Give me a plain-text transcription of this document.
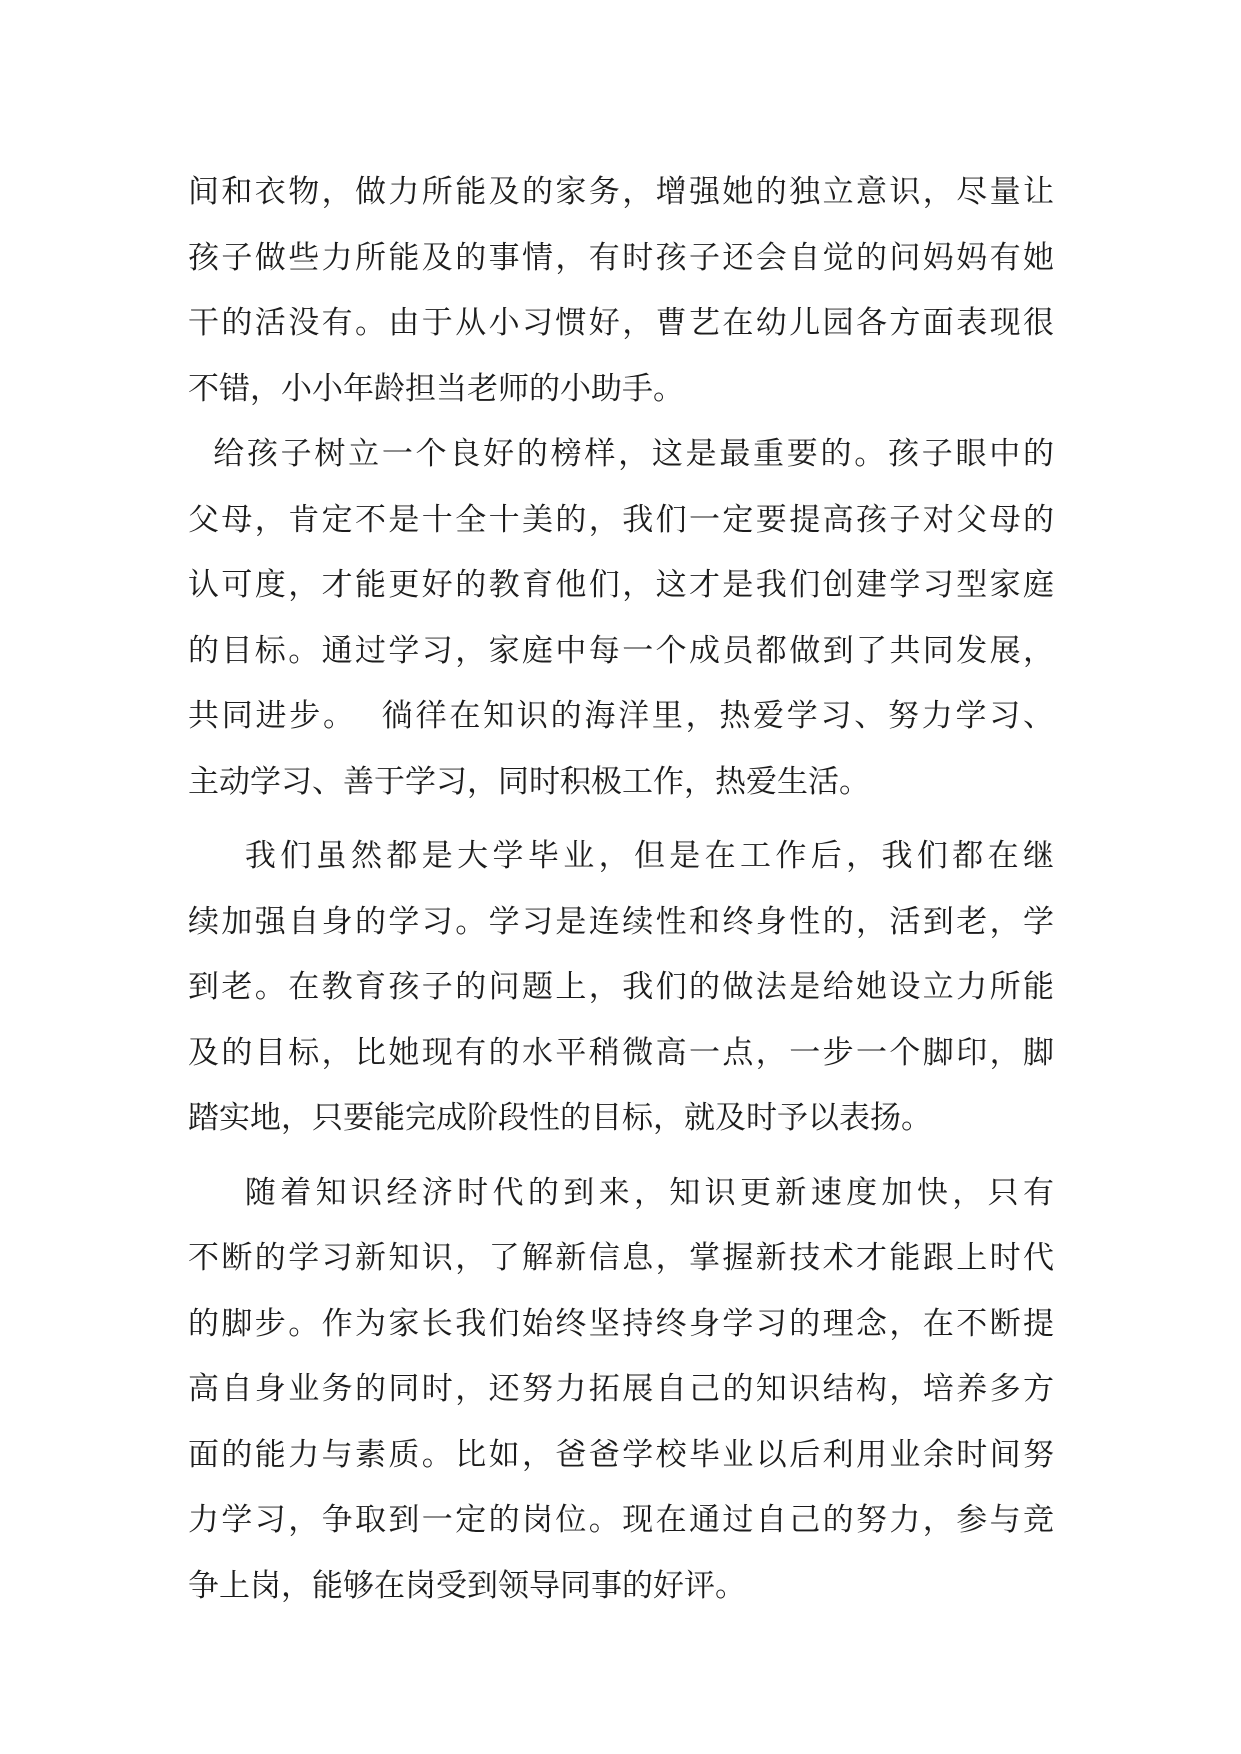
间和衣物，做力所能及的家务，增强她的独立意识，尽量让
孩子做些力所能及的事情，有时孩子还会自觉的问妈妈有她
干的活没有。由于从小习惯好，曹艺在幼儿园各方面表现很
不错，小小年龄担当老师的小助手。
给孩子树立一个良好的榜样，这是最重要的。孩子眼中的
父母，肯定不是十全十美的，我们一定要提高孩子对父母的
认可度，才能更好的教育他们，这才是我们创建学习型家庭
的目标。通过学习，家庭中每一个成员都做到了共同发展，
共同进步。  徜徉在知识的海洋里，热爱学习、努力学习、
主动学习、善于学习，同时积极工作，热爱生活。
我们虽然都是大学毕业，但是在工作后，我们都在继
续加强自身的学习。学习是连续性和终身性的，活到老，学
到老。在教育孩子的问题上，我们的做法是给她设立力所能
及的目标，比她现有的水平稍微高一点，一步一个脚印，脚
踏实地，只要能完成阶段性的目标，就及时予以表扬。
随着知识经济时代的到来，知识更新速度加快，只有
不断的学习新知识，了解新信息，掌握新技术才能跟上时代
的脚步。作为家长我们始终坚持终身学习的理念，在不断提
高自身业务的同时，还努力拓展自己的知识结构，培养多方
面的能力与素质。比如，爸爸学校毕业以后利用业余时间努
力学习，争取到一定的岗位。现在通过自己的努力，参与竞
争上岗，能够在岗受到领导同事的好评。
